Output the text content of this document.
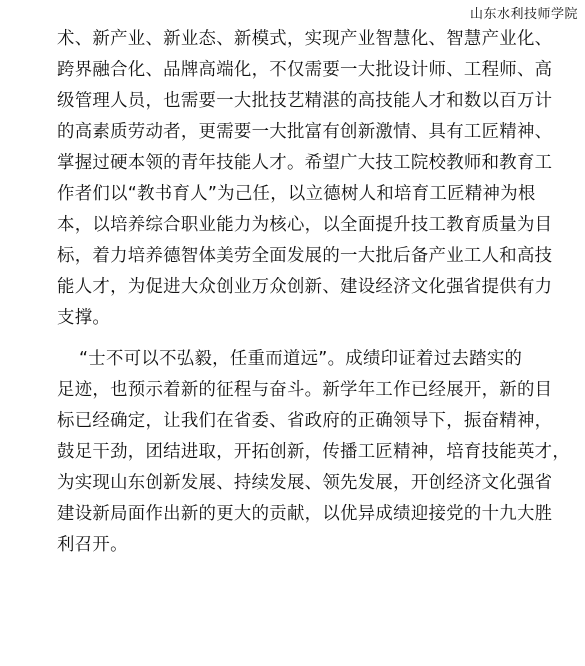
山东水利技师学院
术、新产业、新业态、新模式，实现产业智慧化、智慧产业化、
跨界融合化、品牌高端化，不仅需要一大批设计师、工程师、高
级管理人员，也需要一大批技艺精湛的高技能人才和数以百万计
的高素质劳动者，更需要一大批富有创新激情、具有工匠精神、
掌握过硬本领的青年技能人才。希望广大技工院校教师和教育工
作者们以“教书育人”为己任，以立德树人和培育工匠精神为根
本，以培养综合职业能力为核心，以全面提升技工教育质量为目
标，着力培养德智体美劳全面发展的一大批后备产业工人和高技
能人才，为促进大众创业万众创新、建设经济文化强省提供有力
支撑。
“士不可以不弘毅，任重而道远”。成绩印证着过去踏实的
足迹，也预示着新的征程与奋斗。新学年工作已经展开，新的目
标已经确定，让我们在省委、省政府的正确领导下，振奋精神，
鼓足干劲，团结进取，开拓创新，传播工匠精神，培育技能英才，
为实现山东创新发展、持续发展、领先发展，开创经济文化强省
建设新局面作出新的更大的贡献，以优异成绩迎接党的十九大胜
利召开。
